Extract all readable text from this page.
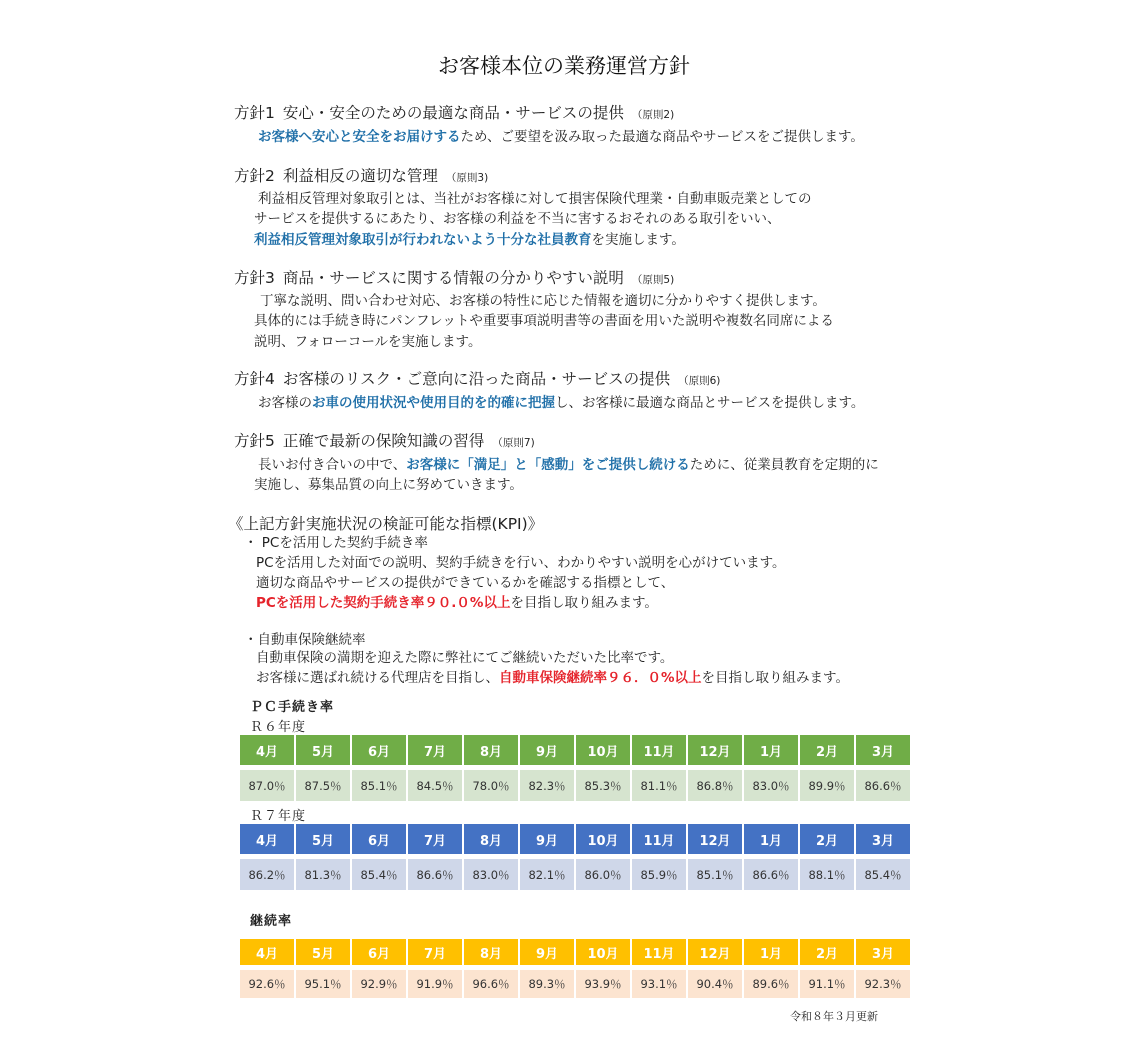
お客様本位の業務運営方針
方針1 安心・安全のための最適な商品・サービスの提供 （原則2)
お客様へ安心と安全をお届けするため、ご要望を汲み取った最適な商品やサービスをご提供します。
方針2 利益相反の適切な管理 （原則3)
利益相反管理対象取引とは、当社がお客様に対して損害保険代理業・自動車販売業としての
サービスを提供するにあたり、お客様の利益を不当に害するおそれのある取引をいい、
利益相反管理対象取引が行われないよう十分な社員教育を実施します。
方針3 商品・サービスに関する情報の分かりやすい説明 （原則5)
丁寧な説明、問い合わせ対応、お客様の特性に応じた情報を適切に分かりやすく提供します。
具体的には手続き時にパンフレットや重要事項説明書等の書面を用いた説明や複数名同席による
説明、フォローコールを実施します。
方針4 お客様のリスク・ご意向に沿った商品・サービスの提供 （原則6)
お客様のお車の使用状況や使用目的を的確に把握し、お客様に最適な商品とサービスを提供します。
方針5 正確で最新の保険知識の習得 （原則7)
長いお付き合いの中で、お客様に「満足」と「感動」をご提供し続けるために、従業員教育を定期的に
実施し、募集品質の向上に努めていきます。
《上記方針実施状況の検証可能な指標(KPI)》
・ PCを活用した契約手続き率
PCを活用した対面での説明、契約手続きを行い、わかりやすい説明を心がけています。
適切な商品やサービスの提供ができているかを確認する指標として、
PCを活用した契約手続き率９０.０%以上を目指し取り組みます。
・自動車保険継続率
自動車保険の満期を迎えた際に弊社にてご継続いただいた比率です。
お客様に選ばれ続ける代理店を目指し、自動車保険継続率９６．０%以上を目指し取り組みます。
ＰＣ手続き率
Ｒ６年度
4月	5月	6月	7月	8月	9月	10月	11月	12月	1月	2月	3月

87.0％	87.5％	85.1％	84.5％	78.0％	82.3％	85.3％	81.1％	86.8％	83.0％	89.9％	86.6％
Ｒ７年度
4月	5月	6月	7月	8月	9月	10月	11月	12月	1月	2月	3月

86.2％	81.3％	85.4％	86.6％	83.0％	82.1％	86.0％	85.9％	85.1％	86.6％	88.1％	85.4％
継続率
4月	5月	6月	7月	8月	9月	10月	11月	12月	1月	2月	3月

92.6％	95.1％	92.9％	91.9％	96.6％	89.3％	93.9％	93.1％	90.4％	89.6％	91.1％	92.3％
令和８年３月更新
